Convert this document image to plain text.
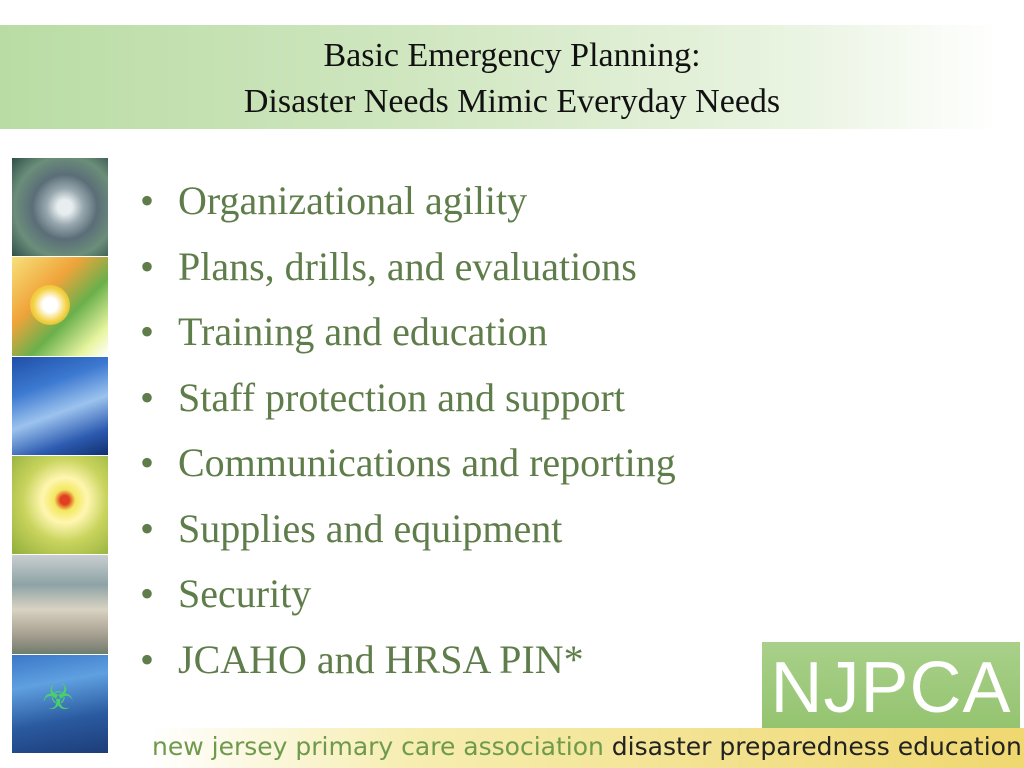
Basic Emergency Planning:
Disaster Needs Mimic Everyday Needs
☣
• Organizational agility
• Plans, drills, and evaluations
• Training and education
• Staff protection and support
• Communications and reporting
• Supplies and equipment
• Security
• JCAHO and HRSA PIN*	NJPCA
new jersey primary care association disaster preparedness education
